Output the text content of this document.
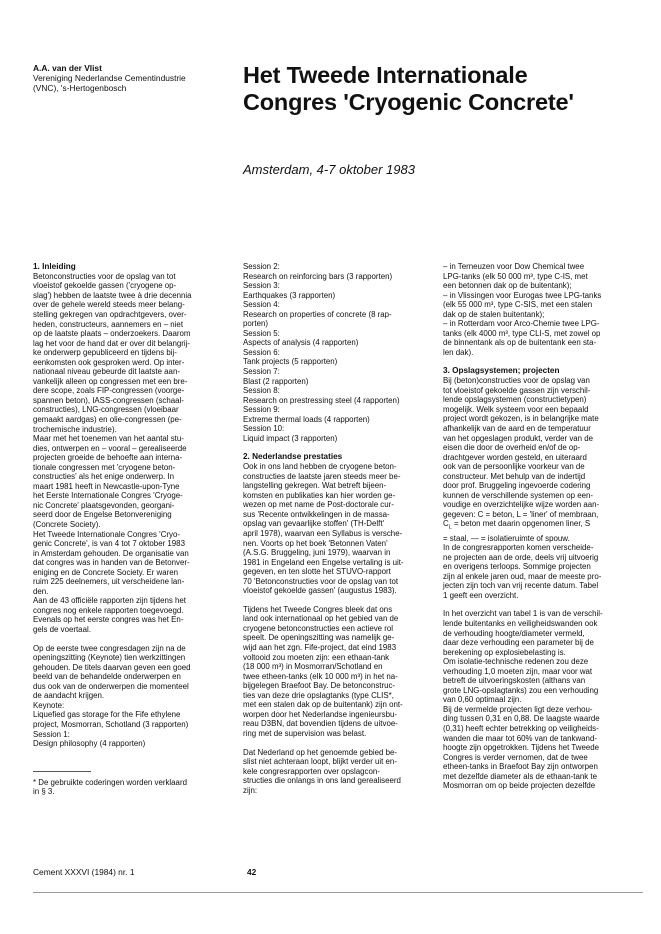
A.A. van der Vlist
Vereniging Nederlandse Cementindustrie
(VNC), 's-Hertogenbosch
Het Tweede Internationale
Congres 'Cryogenic Concrete'
Amsterdam, 4-7 oktober 1983
1. Inleiding

Betonconstructies voor de opslag van tot
vloeistof gekoelde gassen ('cryogene op-
slag') hebben de laatste twee à drie decennia
over de gehele wereld steeds meer belang-
stelling gekregen van opdrachtgevers, over-
heden, constructeurs, aannemers en – niet
op de laatste plaats – onderzoekers. Daarom
lag het voor de hand dat er over dit belangrij-
ke onderwerp gepubliceerd en tijdens bij-
eenkomsten ook gesproken werd. Op inter-
nationaal niveau gebeurde dit laatste aan-
vankelijk alleen op congressen met een bre-
dere scope, zoals FIP-congressen (voorge-
spannen beton), IASS-congressen (schaal-
constructies), LNG-congressen (vloeibaar
gemaakt aardgas) en olie-congressen (pe-
trochemische industrie).

Maar met het toenemen van het aantal stu-
dies, ontwerpen en – vooral – gerealiseerde
projecten groeide de behoefte aan interna-
tionale congressen met 'cryogene beton-
constructies' als het enige onderwerp. In
maart 1981 heeft in Newcastle-upon-Tyne
het Eerste Internationale Congres 'Cryoge-
nic Concrete' plaatsgevonden, georgani-
seerd door de Engelse Betonvereniging
(Concrete Society).

Het Tweede Internationale Congres 'Cryo-
genic Concrete', is van 4 tot 7 oktober 1983
in Amsterdam gehouden. De organisatie van
dat congres was in handen van de Betonver-
eniging en de Concrete Society. Er waren
ruim 225 deelnemers, uit verscheidene lan-
den.

Aan de 43 officiële rapporten zijn tijdens het
congres nog enkele rapporten toegevoegd.
Evenals op het eerste congres was het En-
gels de voertaal.

Op de eerste twee congresdagen zijn na de
openingszitting (Keynote) tien werkzittingen
gehouden. De titels daarvan geven een goed
beeld van de behandelde onderwerpen en
dus ook van de onderwerpen die momenteel
de aandacht krijgen.

Keynote:
Liquefied gas storage for the Fife ethylene
project, Mosmorran, Schotland (3 rapporten)
Session 1:
Design philosophy (4 rapporten)

* De gebruikte coderingen worden verklaard
in § 3.

Session 2:
Research on reinforcing bars (3 rapporten)
Session 3:
Earthquakes (3 rapporten)
Session 4:
Research on properties of concrete (8 rap-
porten)
Session 5:
Aspects of analysis (4 rapporten)
Session 6:
Tank projects (5 rapporten)
Session 7:
Blast (2 rapporten)
Session 8:
Research on prestressing steel (4 rapporten)
Session 9:
Extreme thermal loads (4 rapporten)
Session 10:
Liquid impact (3 rapporten)

2. Nederlandse prestaties

Ook in ons land hebben de cryogene beton-
constructies de laatste jaren steeds meer be-
langstelling gekregen. Wat betreft bijeen-
komsten en publikaties kan hier worden ge-
wezen op met name de Post-doctorale cur-
sus 'Recente ontwikkelingen in de massa-
opslag van gevaarlijke stoffen' (TH-Delft'
april 1978), waarvan een Syllabus is versche-
nen. Voorts op het boek 'Betonnen Vaten'
(A.S.G. Bruggeling, juni 1979), waarvan in
1981 in Engeland een Engelse vertaling is uit-
gegeven, en ten slotte het STUVO-rapport
70 'Betonconstructies voor de opslag van tot
vloeistof gekoelde gassen' (augustus 1983).

Tijdens het Tweede Congres bleek dat ons
land ook internationaal op het gebied van de
cryogene betonconstructies een actieve rol
speelt. De openingszitting was namelijk ge-
wijd aan het zgn. Fife-project, dat eind 1983
voltooid zou moeten zijn: een ethaan-tank
(18 000 m³) in Mosmorran/Schotland en
twee etheen-tanks (elk 10 000 m³) in het na-
bijgelegen Braefoot Bay. De betonconstruc-
ties van deze drie opslagtanks (type CLIS*,
met een stalen dak op de buitentank) zijn ont-
worpen door het Nederlandse ingenieursbu-
reau D3BN, dat bovendien tijdens de uitvoe-
ring met de supervision was belast.

Dat Nederland op het genoemde gebied be-
slist niet achteraan loopt, blijkt verder uit en-
kele congresrapporten over opslagcon-
structies die onlangs in ons land gerealiseerd
zijn:

– in Terneuzen voor Dow Chemical twee
LPG-tanks (elk 50 000 m³, type C-IS, met
een betonnen dak op de buitentank);
– in Vlissingen voor Eurogas twee LPG-tanks
(elk 55 000 m³, type C-SIS, met een stalen
dak op de stalen buitentank);
– in Rotterdam voor Arco-Chemie twee LPG-
tanks (elk 4000 m³, type CLI-S, met zowel op
de binnentank als op de buitentank een sta-
len dak).

3. Opslagsystemen; projecten

Bij (beton)constructies voor de opslag van
tot vloeistof gekoelde gassen zijn verschil-
lende opslagsystemen (constructietypen)
mogelijk. Welk systeem voor een bepaald
project wordt gekozen, is in belangrijke mate
afhankelijk van de aard en de temperatuur
van het opgeslagen produkt, verder van de
eisen die door de overheid en/of de op-
drachtgever worden gesteld, en uiteraard
ook van de persoonlijke voorkeur van de
constructeur. Met behulp van de indertijd
door prof. Bruggeling ingevoerde codering
kunnen de verschillende systemen op een-
voudige en overzichtelijke wijze worden aan-
gegeven: C = beton, L = 'liner' of membraan,
$C_L$ = beton met daarin opgenomen liner, S
= staal, — = isolatieruimte of spouw.

In de congresrapporten komen verscheide-
ne projecten aan de orde, deels vrij uitvoerig
en overigens terloops. Sommige projecten
zijn al enkele jaren oud, maar de meeste pro-
jecten zijn toch van vrij recente datum. Tabel
1 geeft een overzicht.

In het overzicht van tabel 1 is van de verschil-
lende buitentanks en veiligheidswanden ook
de verhouding hoogte/diameter vermeld,
daar deze verhouding een parameter bij de
berekening op explosiebelasting is.

Om isolatie-technische redenen zou deze
verhouding 1,0 moeten zijn, maar voor wat
betreft de uitvoeringskosten (althans van
grote LNG-opslagtanks) zou een verhouding
van 0,60 optimaal zijn.

Bij de vermelde projecten ligt deze verhou-
ding tussen 0,31 en 0,88. De laagste waarde
(0,31) heeft echter betrekking op veiligheids-
wanden die maar tot 60% van de tankwand-
hoogte zijn opgetrokken. Tijdens het Tweede
Congres is verder vernomen, dat de twee
etheen-tanks in Braefoot Bay zijn ontworpen
met dezelfde diameter als de ethaan-tank te
Mosmorran om op beide projecten dezelfde

Cement XXXVI (1984) nr. 1	42
